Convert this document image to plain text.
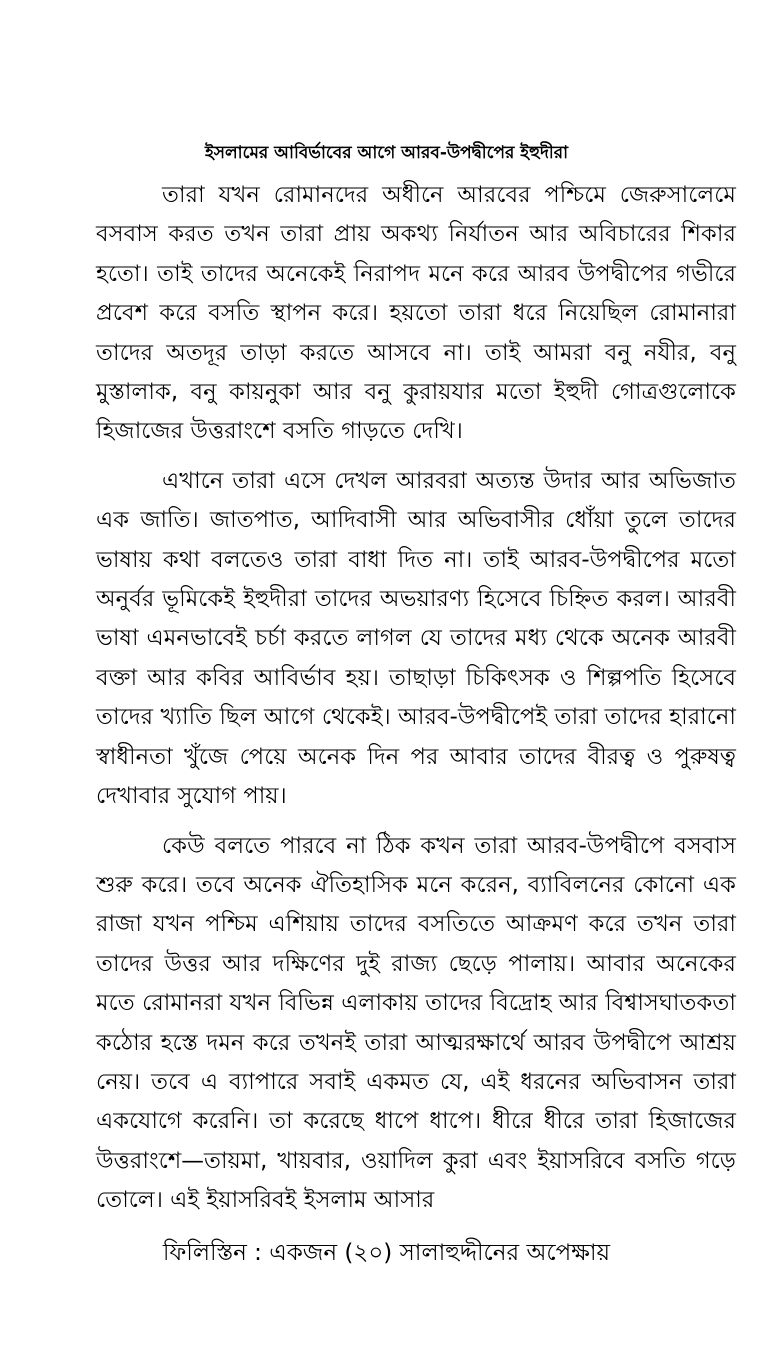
ইসলামের আবির্ভাবের আগে আরব-উপদ্বীপের ইহুদীরা

তারা যখন রোমানদের অধীনে আরবের পশ্চিমে জেরুসালেমে বসবাস করত তখন তারা প্রায় অকথ্য নির্যাতন আর অবিচারের শিকার হতো। তাই তাদের অনেকেই নিরাপদ মনে করে আরব উপদ্বীপের গভীরে প্রবেশ করে বসতি স্থাপন করে। হয়তো তারা ধরে নিয়েছিল রোমানারা তাদের অতদূর তাড়া করতে আসবে না। তাই আমরা বনু নযীর, বনু মুস্তালাক, বনু কায়নুকা আর বনু কুরায়যার মতো ইহুদী গোত্রগুলোকে হিজাজের উত্তরাংশে বসতি গাড়তে দেখি।

এখানে তারা এসে দেখল আরবরা অত্যন্ত উদার আর অভিজাত এক জাতি। জাতপাত, আদিবাসী আর অভিবাসীর ধোঁয়া তুলে তাদের ভাষায় কথা বলতেও তারা বাধা দিত না। তাই আরব-উপদ্বীপের মতো অনুর্বর ভূমিকেই ইহুদীরা তাদের অভয়ারণ্য হিসেবে চিহ্নিত করল। আরবী ভাষা এমনভাবেই চর্চা করতে লাগল যে তাদের মধ্য থেকে অনেক আরবী বক্তা আর কবির আবির্ভাব হয়। তাছাড়া চিকিৎসক ও শিল্পপতি হিসেবে তাদের খ্যাতি ছিল আগে থেকেই। আরব-উপদ্বীপেই তারা তাদের হারানো স্বাধীনতা খুঁজে পেয়ে অনেক দিন পর আবার তাদের বীরত্ব ও পুরুষত্ব দেখাবার সুযোগ পায়।

কেউ বলতে পারবে না ঠিক কখন তারা আরব-উপদ্বীপে বসবাস শুরু করে। তবে অনেক ঐতিহাসিক মনে করেন, ব্যাবিলনের কোনো এক রাজা যখন পশ্চিম এশিয়ায় তাদের বসতিতে আক্রমণ করে তখন তারা তাদের উত্তর আর দক্ষিণের দুই রাজ্য ছেড়ে পালায়। আবার অনেকের মতে রোমানরা যখন বিভিন্ন এলাকায় তাদের বিদ্রোহ আর বিশ্বাসঘাতকতা কঠোর হস্তে দমন করে তখনই তারা আত্মরক্ষার্থে আরব উপদ্বীপে আশ্রয় নেয়। তবে এ ব্যাপারে সবাই একমত যে, এই ধরনের অভিবাসন তারা একযোগে করেনি। তা করেছে ধাপে ধাপে। ধীরে ধীরে তারা হিজাজের উত্তরাংশে—তায়মা, খায়বার, ওয়াদিল কুরা এবং ইয়াসরিবে বসতি গড়ে তোলে। এই ইয়াসরিবই ইসলাম আসার

ফিলিস্তিন : একজন (২০) সালাহুদ্দীনের অপেক্ষায়
